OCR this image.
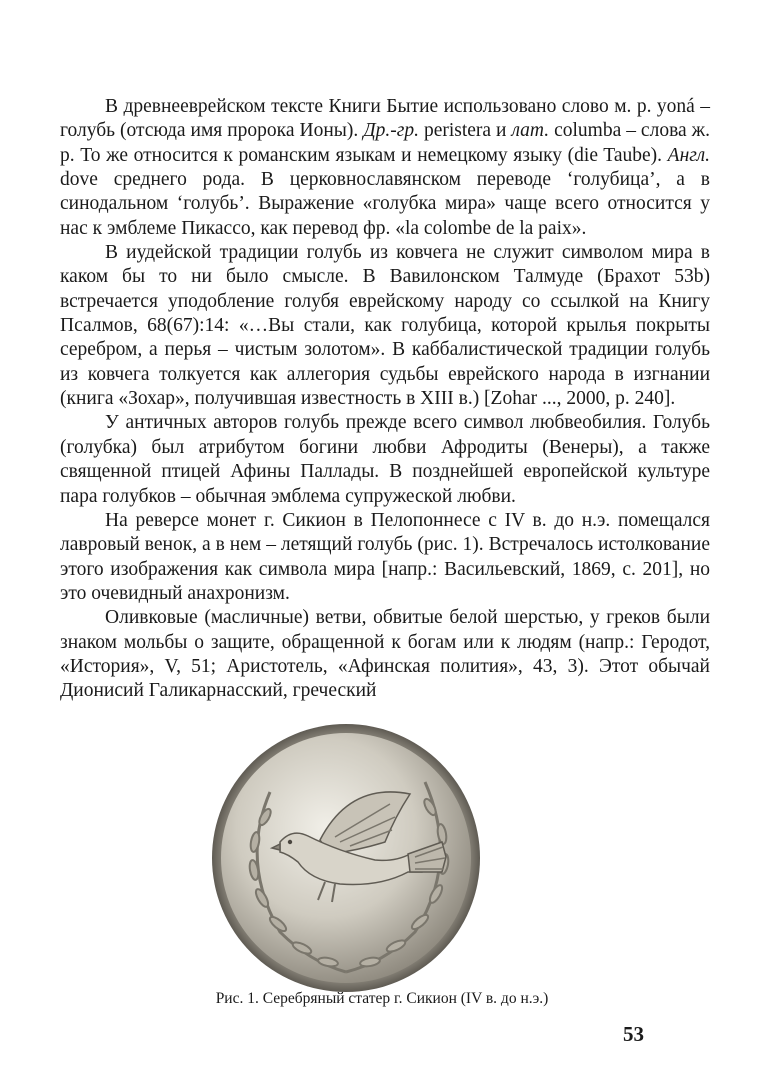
В древнееврейском тексте Книги Бытие использовано слово м. р. yoná – голубь (отсюда имя пророка Ионы). Др.-гр. peristera и лат. columba – слова ж. р. То же относится к романским языкам и немецкому языку (die Taube). Англ. dove среднего рода. В церковнославянском переводе ‘голубица’, а в синодальном ‘голубь’. Выражение «голубка мира» чаще всего относится у нас к эмблеме Пикассо, как перевод фр. «la colombe de la paix».

В иудейской традиции голубь из ковчега не служит символом мира в каком бы то ни было смысле. В Вавилонском Талмуде (Брахот 53b) встречается уподобление голубя еврейскому народу со ссылкой на Книгу Псалмов, 68(67):14: «…Вы стали, как голубица, которой крылья покрыты серебром, а перья – чистым золотом». В каббалистической традиции голубь из ковчега толкуется как аллегория судьбы еврейского народа в изгнании (книга «Зохар», получившая известность в XIII в.) [Zohar ..., 2000, p. 240].

У античных авторов голубь прежде всего символ любвеобилия. Голубь (голубка) был атрибутом богини любви Афродиты (Венеры), а также священной птицей Афины Паллады. В позднейшей европейской культуре пара голубков – обычная эмблема супружеской любви.

На реверсе монет г. Сикион в Пелопоннесе с IV в. до н.э. помещался лавровый венок, а в нем – летящий голубь (рис. 1). Встречалось истолкование этого изображения как символа мира [напр.: Васильевский, 1869, с. 201], но это очевидный анахронизм.

Оливковые (масличные) ветви, обвитые белой шерстью, у греков были знаком мольбы о защите, обращенной к богам или к людям (напр.: Геродот, «История», V, 51; Аристотель, «Афинская полития», 43, 3). Этот обычай Дионисий Галикарнасский, греческий

Рис. 1. Серебряный статер г. Сикион (IV в. до н.э.)
53
